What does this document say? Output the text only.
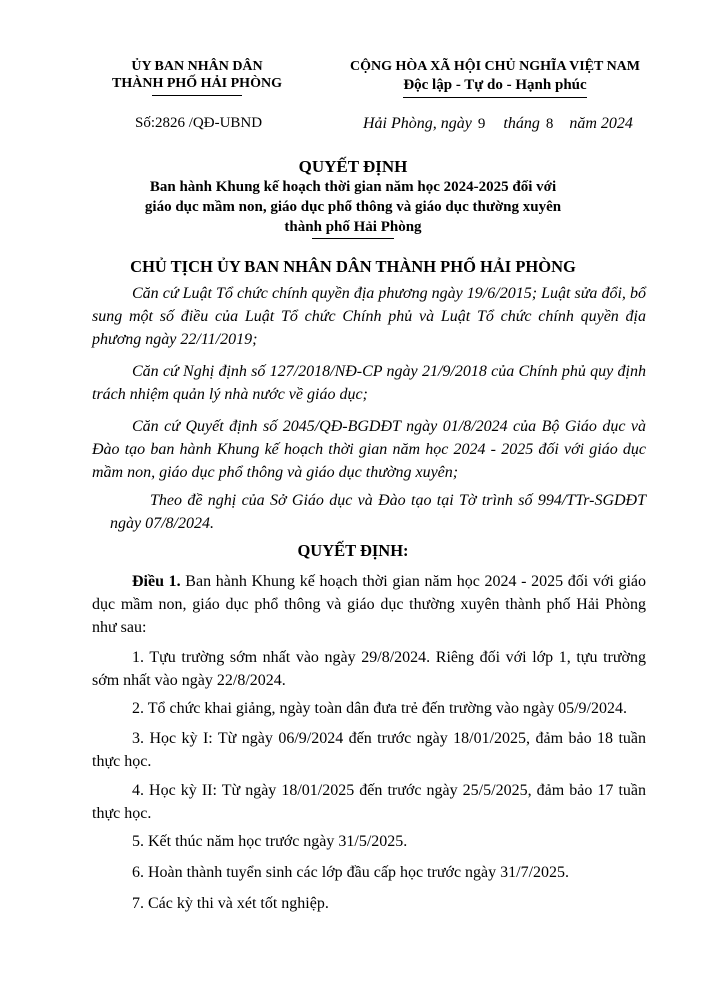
ỦY BAN NHÂN DÂN
THÀNH PHỐ HẢI PHÒNG
CỘNG HÒA XÃ HỘI CHỦ NGHĨA VIỆT NAM
Độc lập - Tự do - Hạnh phúc
Số:2826 /QĐ-UBND	Hải Phòng, ngày 9 tháng 8 năm 2024
QUYẾT ĐỊNH
Ban hành Khung kế hoạch thời gian năm học 2024-2025 đối với
giáo dục mầm non, giáo dục phổ thông và giáo dục thường xuyên
thành phố Hải Phòng
CHỦ TỊCH ỦY BAN NHÂN DÂN THÀNH PHỐ HẢI PHÒNG
Căn cứ Luật Tổ chức chính quyền địa phương ngày 19/6/2015; Luật sửa đổi, bổ sung một số điều của Luật Tổ chức Chính phủ và Luật Tổ chức chính quyền địa phương ngày 22/11/2019;
Căn cứ Nghị định số 127/2018/NĐ-CP ngày 21/9/2018 của Chính phủ quy định trách nhiệm quản lý nhà nước về giáo dục;
Căn cứ Quyết định số 2045/QĐ-BGDĐT ngày 01/8/2024 của Bộ Giáo dục và Đào tạo ban hành Khung kế hoạch thời gian năm học 2024 - 2025 đối với giáo dục mầm non, giáo dục phổ thông và giáo dục thường xuyên;
Theo đề nghị của Sở Giáo dục và Đào tạo tại Tờ trình số 994/TTr-SGDĐT ngày 07/8/2024.
QUYẾT ĐỊNH:
Điều 1. Ban hành Khung kế hoạch thời gian năm học 2024 - 2025 đối với giáo dục mầm non, giáo dục phổ thông và giáo dục thường xuyên thành phố Hải Phòng như sau:
1. Tựu trường sớm nhất vào ngày 29/8/2024. Riêng đối với lớp 1, tựu trường sớm nhất vào ngày 22/8/2024.
2. Tổ chức khai giảng, ngày toàn dân đưa trẻ đến trường vào ngày 05/9/2024.
3. Học kỳ I: Từ ngày 06/9/2024 đến trước ngày 18/01/2025, đảm bảo 18 tuần thực học.
4. Học kỳ II: Từ ngày 18/01/2025 đến trước ngày 25/5/2025, đảm bảo 17 tuần thực học.
5. Kết thúc năm học trước ngày 31/5/2025.
6. Hoàn thành tuyển sinh các lớp đầu cấp học trước ngày 31/7/2025.
7. Các kỳ thi và xét tốt nghiệp.
